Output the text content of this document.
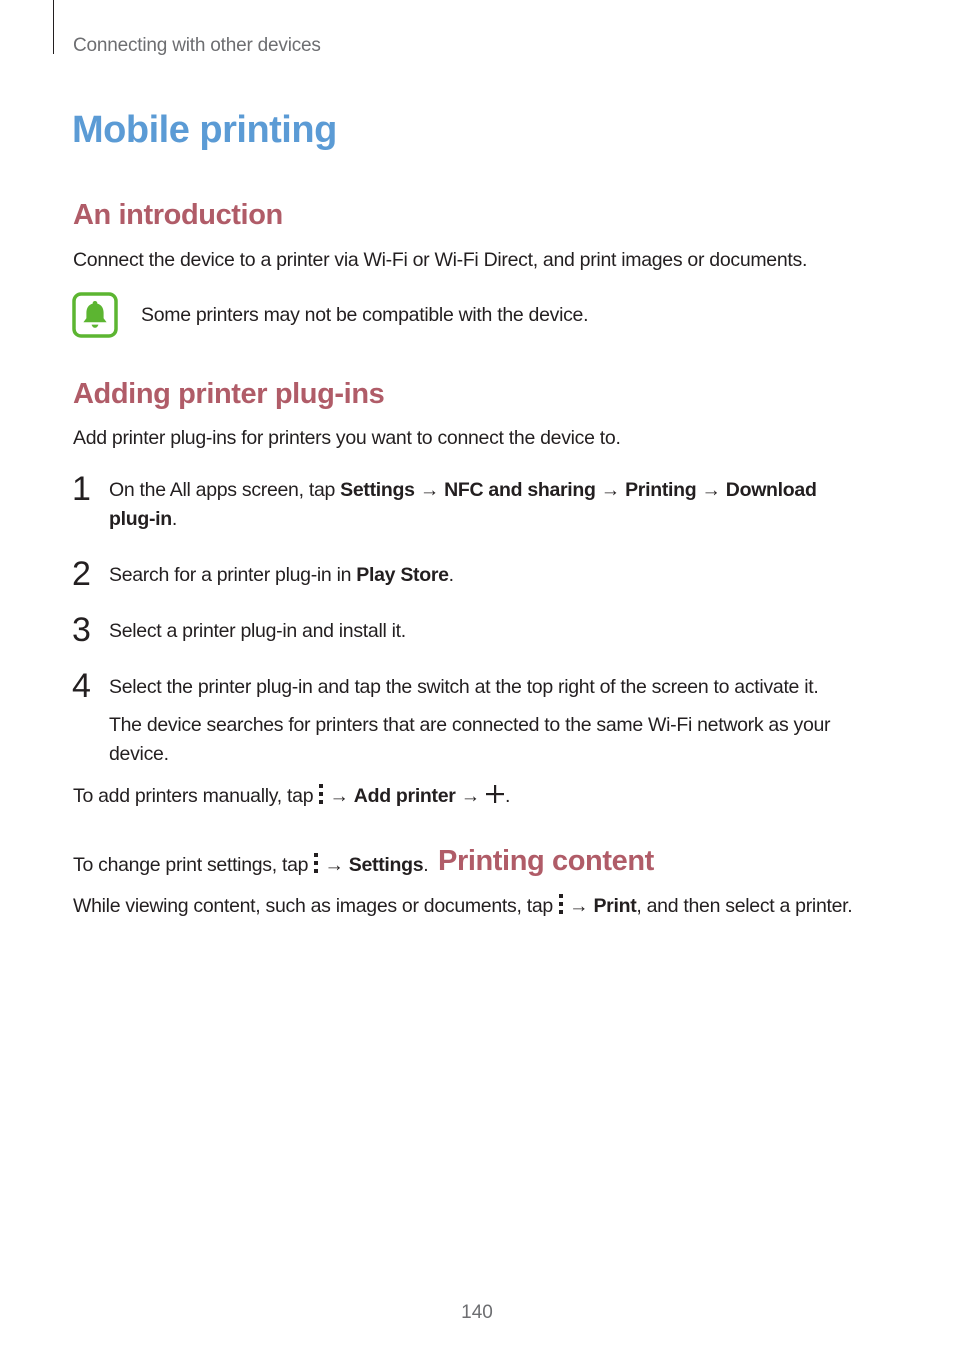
Connecting with other devices
Mobile printing
An introduction

Connect the device to a printer via Wi-Fi or Wi-Fi Direct, and print images or documents.

Some printers may not be compatible with the device.

Adding printer plug-ins

Add printer plug-ins for printers you want to connect the device to.

1 On the All apps screen, tap Settings → NFC and sharing → Printing → Download
plug-in.
2 Search for a printer plug-in in Play Store.
3 Select a printer plug-in and install it.
4 Select the printer plug-in and tap the switch at the top right of the screen to activate it.
The device searches for printers that are connected to the same Wi-Fi network as your
device.

To add printers manually, tap  → Add printer → .

To change print settings, tap  → Settings. Printing content

While viewing content, such as images or documents, tap  → Print, and then select a printer.

140
